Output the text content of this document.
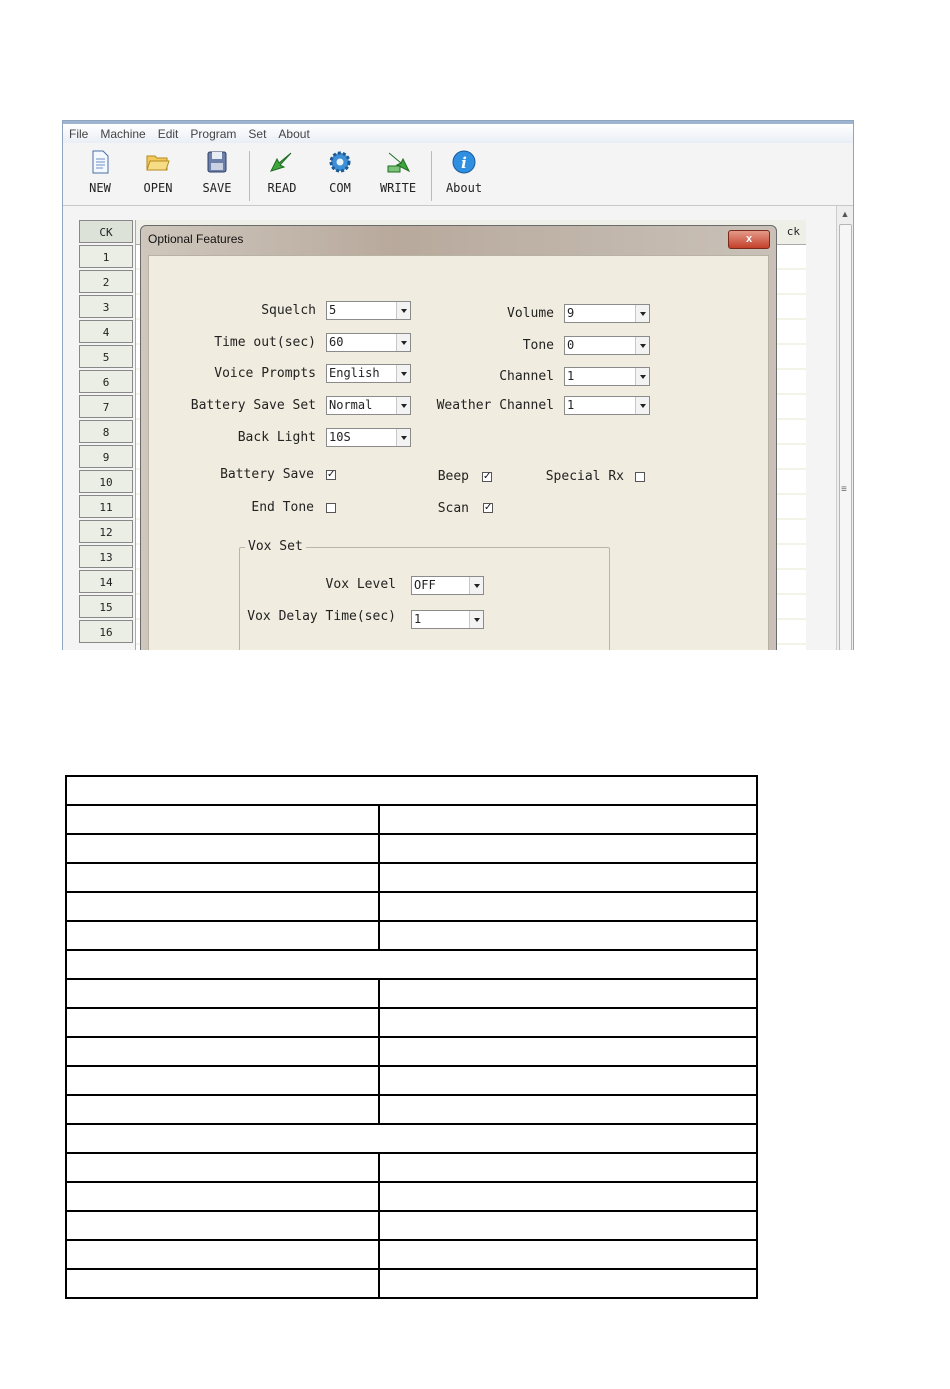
File Machine Edit Program Set About
NEW	OPEN	SAVE	READ	COM	WRITE
i
About
CK
1
2
3
4
5
6
7
8
9
10
11
12
13
14
15
16
ck
▲
≡
Optional Features	x
Squelch 5
Time out(sec) 60
Voice Prompts English
Battery Save Set Normal
Back Light 10S
Volume 9
Tone 0
Channel 1
Weather Channel 1
Battery Save ✓	Beep ✓	Special Rx
End Tone	Scan ✓
Vox Set
Vox Level OFF
Vox Delay Time(sec) 1
